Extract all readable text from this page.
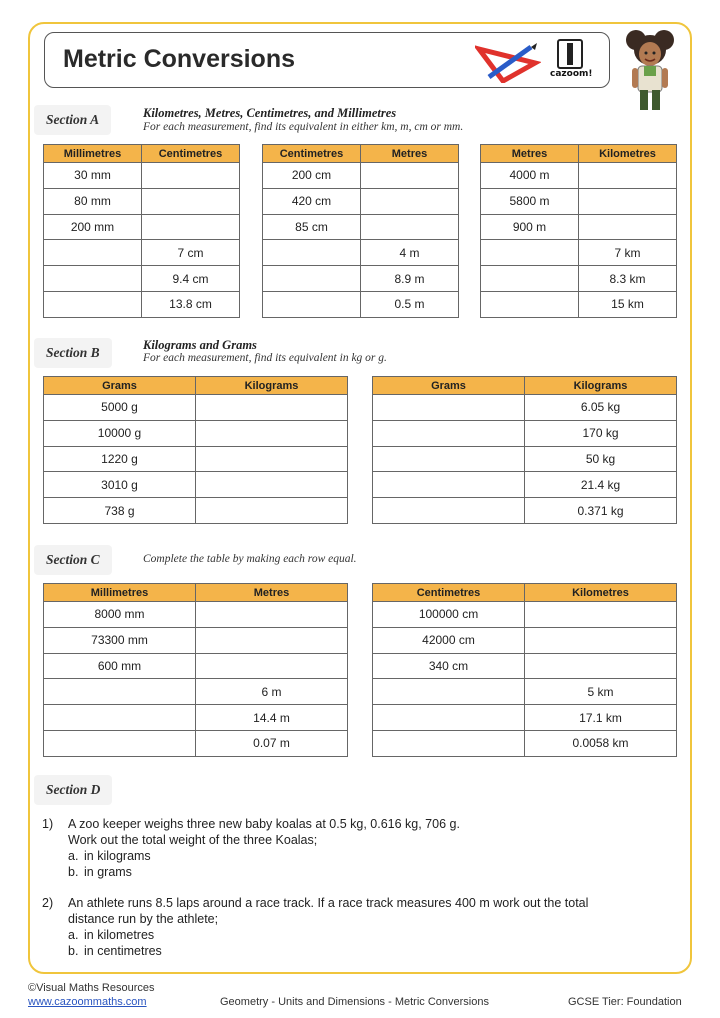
Metric Conversions
cazoom!
Section A	Kilometres, Metres, Centimetres, and Millimetres
For each measurement, find its equivalent in either km, m, cm or mm.
Millimetres	Centimetres
30 mm	
80 mm	
200 mm	
	7 cm
	9.4 cm
	13.8 cm
Centimetres	Metres
200 cm	
420 cm	
85 cm	
	4 m
	8.9 m
	0.5 m
Metres	Kilometres
4000 m	
5800 m	
900 m	
	7 km
	8.3 km
	15 km
Section B	Kilograms and Grams
For each measurement, find its equivalent in kg or g.
Grams	Kilograms
5000 g	
10000 g	
1220 g	
3010 g	
738 g	
Grams	Kilograms
	6.05 kg
	170 kg
	50 kg
	21.4 kg
	0.371 kg
Section C	Complete the table by making each row equal.
Millimetres	Metres
8000 mm	
73300 mm	
600 mm	
	6 m
	14.4 m
	0.07 m
Centimetres	Kilometres
100000 cm	
42000 cm	
340 cm	
	5 km
	17.1 km
	0.0058 km
Section D
1) A zoo keeper weighs three new baby koalas at 0.5 kg, 0.616 kg, 706 g.
Work out the total weight of the three Koalas;
a. in kilograms
b. in grams
2) An athlete runs 8.5 laps around a race track. If a race track measures 400 m work out the total
distance run by the athlete;
a. in kilometres
b. in centimetres
©Visual Maths Resources
www.cazoommaths.com	Geometry - Units and Dimensions - Metric Conversions	GCSE Tier: Foundation
